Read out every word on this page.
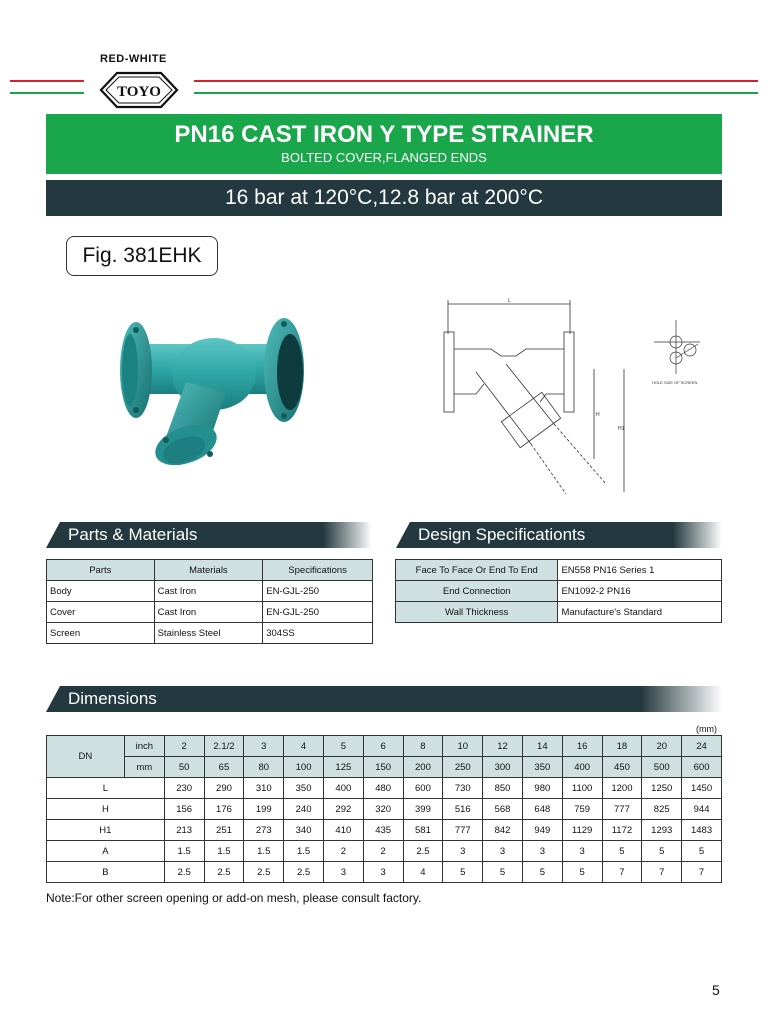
RED-WHITE
TOYO
PN16 CAST IRON Y TYPE STRAINER
BOLTED COVER,FLANGED ENDS
16 bar at 120°C,12.8 bar at 200°C
Fig. 381EHK
L
H
H1
HOLE SIZE OF SCREEN
Parts & Materials	Design Specificationts
Parts	Materials	Specifications
Body	Cast Iron	EN-GJL-250
Cover	Cast Iron	EN-GJL-250
Screen	Stainless Steel	304SS
Face To Face Or End To End	EN558 PN16 Series 1
End Connection	EN1092-2 PN16
Wall Thickness	Manufacture's Standard
Dimensions
(mm)
DN	inch	2	2.1/2	3	4	5	6	8	10	12	14	16	18	20	24
	mm	50	65	80	100	125	150	200	250	300	350	400	450	500	600
L		230	290	310	350	400	480	600	730	850	980	1100	1200	1250	1450
H		156	176	199	240	292	320	399	516	568	648	759	777	825	944
H1		213	251	273	340	410	435	581	777	842	949	1129	1172	1293	1483
A		1.5	1.5	1.5	1.5	2	2	2.5	3	3	3	3	5	5	5
B		2.5	2.5	2.5	2.5	3	3	4	5	5	5	5	7	7	7
Note:For other screen opening or add-on mesh, please consult factory.
5
